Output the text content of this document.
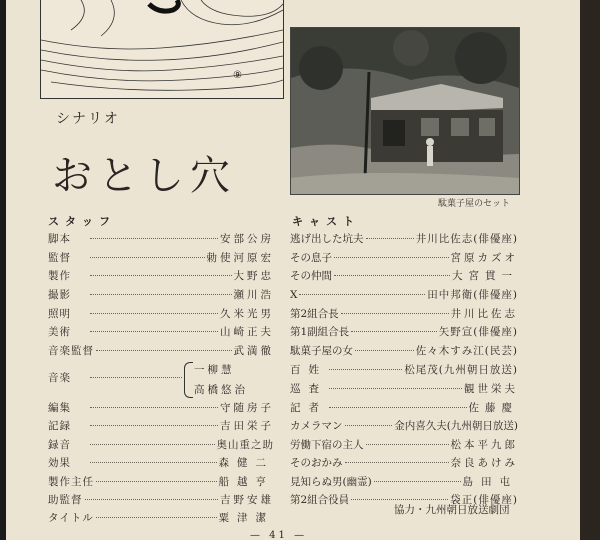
⑨
駄菓子屋のセット
シナリオ
おとし穴
スタッフ	キャスト
脚本	安部公房
監督	勅使河原宏
製作	大野忠
撮影	瀬川浩
照明	久米光男
美術	山崎正夫
音楽監督	武満徹
音楽
一柳慧
高橋悠治
編集	守随房子
記録	吉田栄子
録音	奥山重之助
効果	森健二
製作主任	船越亨
助監督	吉野安雄
タイトル	粟津潔
逃げ出した坑夫	井川比佐志(俳優座)
その息子	宮原カズオ
その仲間	大宮貫一
X	田中邦衛(俳優座)
第2組合長	井川比佐志
第1副組合長	矢野宣(俳優座)
駄菓子屋の女	佐々木すみ江(民芸)
百姓	松尾茂(九州朝日放送)
巡査	観世栄夫
記者	佐藤慶
カメラマン	金内喜久夫(九州朝日放送)
労働下宿の主人	松本平九郎
そのおかみ	奈良あけみ
見知らぬ男(幽霊)	島田屯
第2組合役員	袋正(俳優座)
協力・九州朝日放送劇団
— 41 —
